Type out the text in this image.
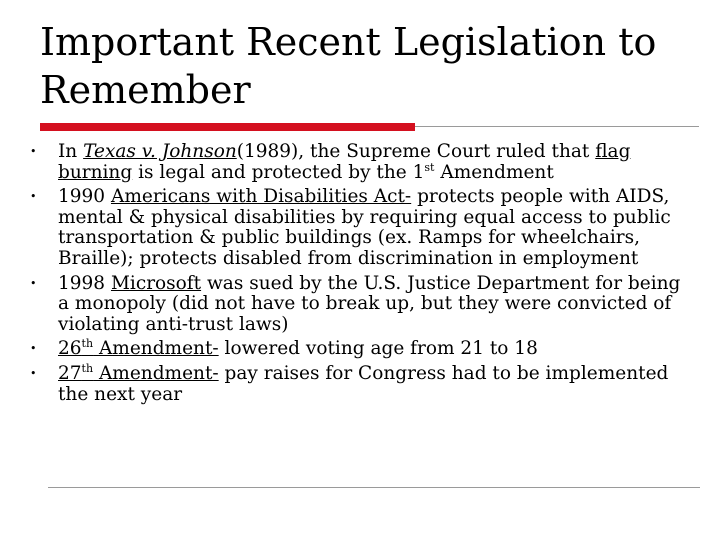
Important Recent Legislation to
Remember
• In Texas v. Johnson(1989), the Supreme Court ruled that flag burning is legal and protected by the 1st Amendment
• 1990 Americans with Disabilities Act- protects people with AIDS, mental & physical disabilities by requiring equal access to public transportation & public buildings (ex. Ramps for wheelchairs, Braille); protects disabled from discrimination in employment
• 1998 Microsoft was sued by the U.S. Justice Department for being a monopoly (did not have to break up, but they were convicted of violating anti-trust laws)
• 26th Amendment- lowered voting age from 21 to 18
• 27th Amendment- pay raises for Congress had to be implemented the next year
